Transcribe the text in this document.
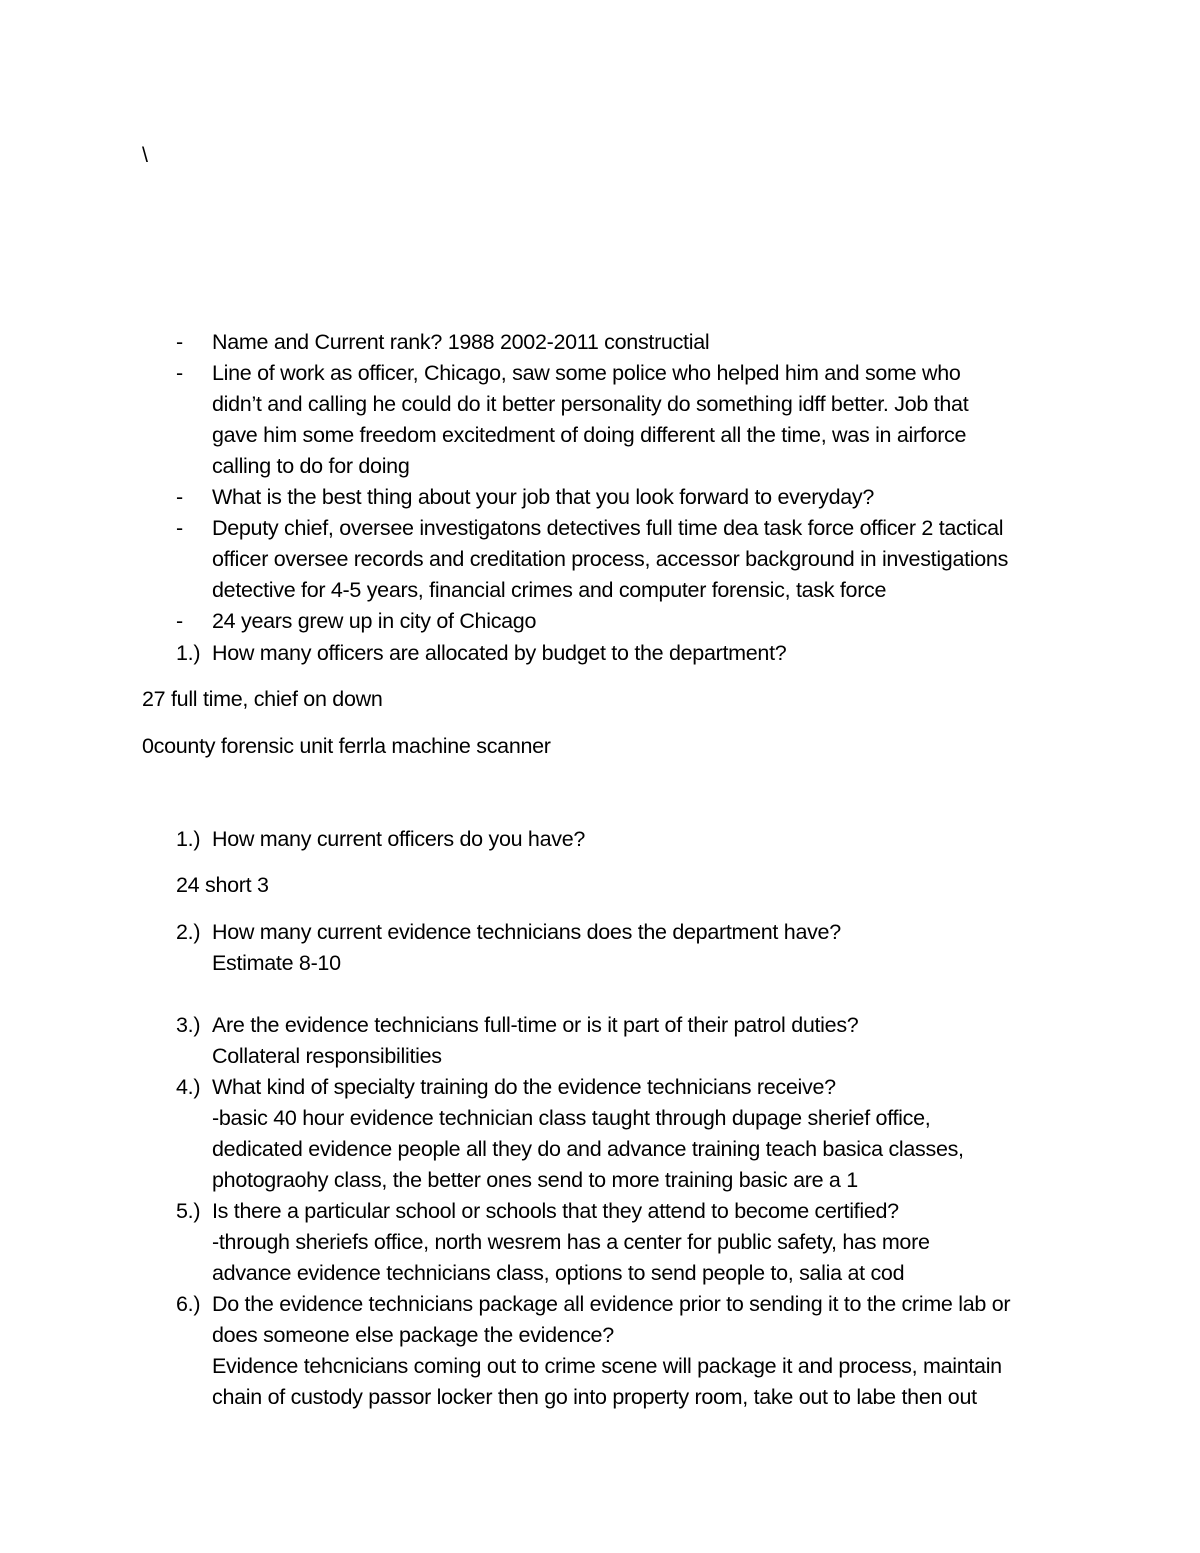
\
- Name and Current rank? 1988 2002-2011 constructial
- Line of work as officer, Chicago, saw some police who helped him and some who
didn’t and calling he could do it better personality do something idff better. Job that
gave him some freedom excitedment of doing different all the time, was in airforce
calling to do for doing
- What is the best thing about your job that you look forward to everyday?
- Deputy chief, oversee investigatons detectives full time dea task force officer 2 tactical
officer oversee records and creditation process, accessor background in investigations
detective for 4-5 years, financial crimes and computer forensic, task force
- 24 years grew up in city of Chicago
1.) How many officers are allocated by budget to the department?
27 full time, chief on down
0county forensic unit ferrla machine scanner
1.) How many current officers do you have?
24 short 3
2.) How many current evidence technicians does the department have?
Estimate 8-10
3.) Are the evidence technicians full-time or is it part of their patrol duties?
Collateral responsibilities
4.) What kind of specialty training do the evidence technicians receive?
-basic 40 hour evidence technician class taught through dupage sherief office,
dedicated evidence people all they do and advance training teach basica classes,
photograohy class, the better ones send to more training basic are a 1
5.) Is there a particular school or schools that they attend to become certified?
-through sheriefs office, north wesrem has a center for public safety, has more
advance evidence technicians class, options to send people to, salia at cod
6.) Do the evidence technicians package all evidence prior to sending it to the crime lab or
does someone else package the evidence?
Evidence tehcnicians coming out to crime scene will package it and process, maintain
chain of custody passor locker then go into property room, take out to labe then out
